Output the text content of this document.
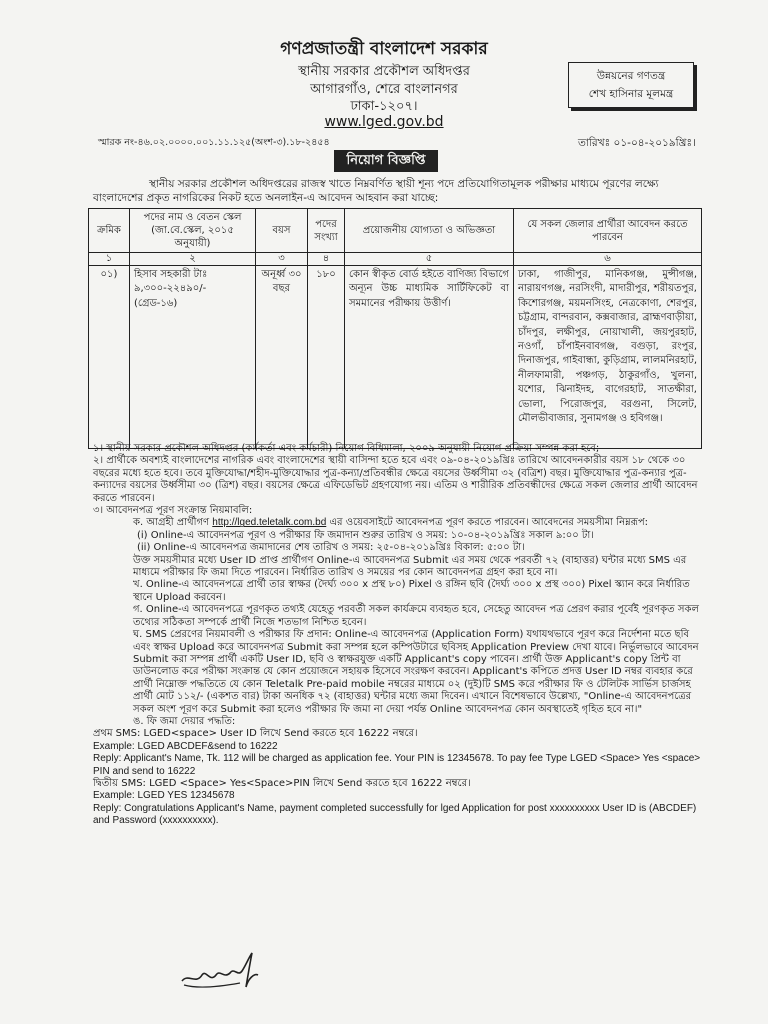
গণপ্রজাতন্ত্রী বাংলাদেশ সরকার
স্থানীয় সরকার প্রকৌশল অধিদপ্তর
আগারগাঁও, শেরে বাংলানগর
ঢাকা-১২০৭।
www.lged.gov.bd
উন্নয়নের গণতন্ত্র
শেখ হাসিনার মূলমন্ত্র
স্মারক নং-৪৬.০২.০০০০.০০১.১১.১২৫(অংশ-৩).১৮-২৪৫৪	তারিখঃ ০১-০৪-২০১৯খ্রিঃ।
নিয়োগ বিজ্ঞপ্তি
স্থানীয় সরকার প্রকৌশল অধিদপ্তরের রাজস্ব খাতে নিম্নবর্ণিত স্থায়ী শূন্য পদে প্রতিযোগিতামূলক পরীক্ষার মাধ্যমে পূরণের লক্ষ্যে বাংলাদেশের প্রকৃত নাগরিকের নিকট হতে অনলাইন-এ আবেদন আহবান করা যাচ্ছে:
ক্রমিক	পদের নাম ও বেতন স্কেল (জা.বে.স্কেল, ২০১৫ অনুযায়ী)	বয়স	পদের সংখ্যা	প্রয়োজনীয় যোগ্যতা ও অভিজ্ঞতা	যে সকল জেলার প্রার্থীরা আবেদন করতে পারবেন
১	২	৩	৪	৫	৬
০১)	হিসাব সহকারী টাঃ ৯,৩০০-২২৪৯০/- (গ্রেড-১৬)	অনূর্ধ্ব ৩০ বছর	১৮০	কোন স্বীকৃত বোর্ড হইতে বাণিজ্য বিভাগে অন্যূন উচ্চ মাধ্যমিক সার্টিফিকেট বা সমমানের পরীক্ষায় উত্তীর্ণ।	ঢাকা, গাজীপুর, মানিকগঞ্জ, মুন্সীগঞ্জ, নারায়ণগঞ্জ, নরসিংদী, মাদারীপুর, শরীয়তপুর, কিশোরগঞ্জ, ময়মনসিংহ, নেত্রকোণা, শেরপুর, চট্টগ্রাম, বান্দরবান, কক্সবাজার, ব্রাহ্মণবাড়ীয়া, চাঁদপুর, লক্ষীপুর, নোয়াখালী, জয়পুরহাট, নওগাঁ, চাঁপাইনবাবগঞ্জ, বগুড়া, রংপুর, দিনাজপুর, গাইবান্ধা, কুড়িগ্রাম, লালমনিরহাট, নীলফামারী, পঞ্চগড়, ঠাকুরগাঁও, খুলনা, যশোর, ঝিনাইদহ, বাগেরহাট, সাতক্ষীরা, ভোলা, পিরোজপুর, বরগুনা, সিলেট, মৌলভীবাজার, সুনামগঞ্জ ও হবিগঞ্জ।

১। স্থানীয় সরকার প্রকৌশল অধিদপ্তর (কর্মকর্তা এবং কর্মচারী) নিয়োগ বিধিমালা, ২০০৯ অনুযায়ী নিয়োগ প্রক্রিয়া সম্পন্ন করা হবে;

২। প্রার্থীকে অবশ্যই বাংলাদেশের নাগরিক এবং বাংলাদেশের স্থায়ী বাসিন্দা হতে হবে এবং ০৯-০৪-২০১৯খ্রিঃ তারিখে আবেদনকারীর বয়স ১৮ থেকে ৩০ বছরের মধ্যে হতে হবে। তবে মুক্তিযোদ্ধা/শহীদ-মুক্তিযোদ্ধার পুত্র-কন্যা/প্রতিবন্ধীর ক্ষেত্রে বয়সের উর্ধ্বসীমা ৩২ (বত্রিশ) বছর। মুক্তিযোদ্ধার পুত্র-কন্যার পুত্র-কন্যাদের বয়সের উর্ধ্বসীমা ৩০ (ত্রিশ) বছর। বয়সের ক্ষেত্রে এফিডেভিট গ্রহণযোগ্য নয়। এতিম ও শারীরিক প্রতিবন্ধীদের ক্ষেত্রে সকল জেলার প্রার্থী আবেদন করতে পারবেন।

৩। আবেদনপত্র পূরণ সংক্রান্ত নিয়মাবলি:

ক. আগ্রহী প্রার্থীগণ http://lged.teletalk.com.bd এর ওয়েবসাইটে আবেদনপত্র পূরণ করতে পারবেন। আবেদনের সময়সীমা নিম্নরূপ:

(i) Online-এ আবেদনপত্র পূরণ ও পরীক্ষার ফি জমাদান শুরুর তারিখ ও সময়: ১০-০৪-২০১৯খ্রিঃ সকাল ৯:০০ টা।

(ii) Online-এ আবেদনপত্র জমাদানের শেষ তারিখ ও সময়: ২৫-০৪-২০১৯খ্রিঃ বিকাল: ৫:০০ টা।

উক্ত সময়সীমার মধ্যে User ID প্রাপ্ত প্রার্থীগণ Online-এ আবেদনপত্র Submit এর সময় থেকে পরবর্তী ৭২ (বাহাত্তর) ঘন্টার মধ্যে SMS এর মাধ্যমে পরীক্ষার ফি জমা দিতে পারবেন। নির্ধারিত তারিখ ও সময়ের পর কোন আবেদনপত্র গ্রহণ করা হবে না।

খ. Online-এ আবেদনপত্রে প্রার্থী তার স্বাক্ষর (দৈর্ঘ্য ৩০০ x প্রস্থ ৮০) Pixel ও রঙ্গিন ছবি (দৈর্ঘ্য ৩০০ x প্রস্থ ৩০০) Pixel স্ক্যান করে নির্ধারিত স্থানে Upload করবেন।

গ. Online-এ আবেদনপত্রে পূরণকৃত তথ্যই যেহেতু পরবর্তী সকল কার্যক্রমে ব্যবহৃত হবে, সেহেতু আবেদন পত্র প্রেরণ করার পূর্বেই পূরণকৃত সকল তথ্যের সঠিকতা সম্পর্কে প্রার্থী নিজে শতভাগ নিশ্চিত হবেন।

ঘ. SMS প্রেরণের নিয়মাবলী ও পরীক্ষার ফি প্রদান: Online-এ আবেদনপত্র (Application Form) যথাযথভাবে পূরণ করে নির্দেশনা মতে ছবি এবং স্বাক্ষর Upload করে আবেদনপত্র Submit করা সম্পন্ন হলে কম্পিউটারে ছবিসহ Application Preview দেখা যাবে। নির্ভুলভাবে আবেদন Submit করা সম্পন্ন প্রার্থী একটি User ID, ছবি ও স্বাক্ষরযুক্ত একটি Applicant's copy পাবেন। প্রার্থী উক্ত Applicant's copy প্রিন্ট বা ডাউনলোড করে পরীক্ষা সংক্রান্ত যে কোন প্রয়োজনে সহায়ক হিসেবে সংরক্ষণ করবেন। Applicant's কপিতে প্রদত্ত User ID নম্বর ব্যবহার করে প্রার্থী নিম্নোক্ত পদ্ধতিতে যে কোন Teletalk Pre-paid mobile নম্বরের মাধ্যমে ০২ (দুই)টি SMS করে পরীক্ষার ফি ও টেলিটক সার্ভিস চার্জসহ প্রার্থী মোট ১১২/- (একশত বার) টাকা অনধিক ৭২ (বাহাত্তর) ঘন্টার মধ্যে জমা দিবেন। এখানে বিশেষভাবে উল্লেখ্য, "Online-এ আবেদনপত্রের সকল অংশ পূরণ করে Submit করা হলেও পরীক্ষার ফি জমা না দেয়া পর্যন্ত Online আবেদনপত্র কোন অবস্থাতেই গৃহিত হবে না।"

ঙ. ফি জমা দেয়ার পদ্ধতি:

প্রথম SMS: LGED<space> User ID লিখে Send করতে হবে 16222 নম্বরে।

Example: LGED ABCDEF&send to 16222

Reply: Applicant's Name, Tk. 112 will be charged as application fee. Your PIN is 12345678. To pay fee Type LGED <Space> Yes <space> PIN and send to 16222

দ্বিতীয় SMS: LGED <Space> Yes<Space>PIN লিখে Send করতে হবে 16222 নম্বরে।

Example: LGED YES 12345678

Reply: Congratulations Applicant's Name, payment completed successfully for lged Application for post xxxxxxxxxx User ID is (ABCDEF) and Password (xxxxxxxxxx).
